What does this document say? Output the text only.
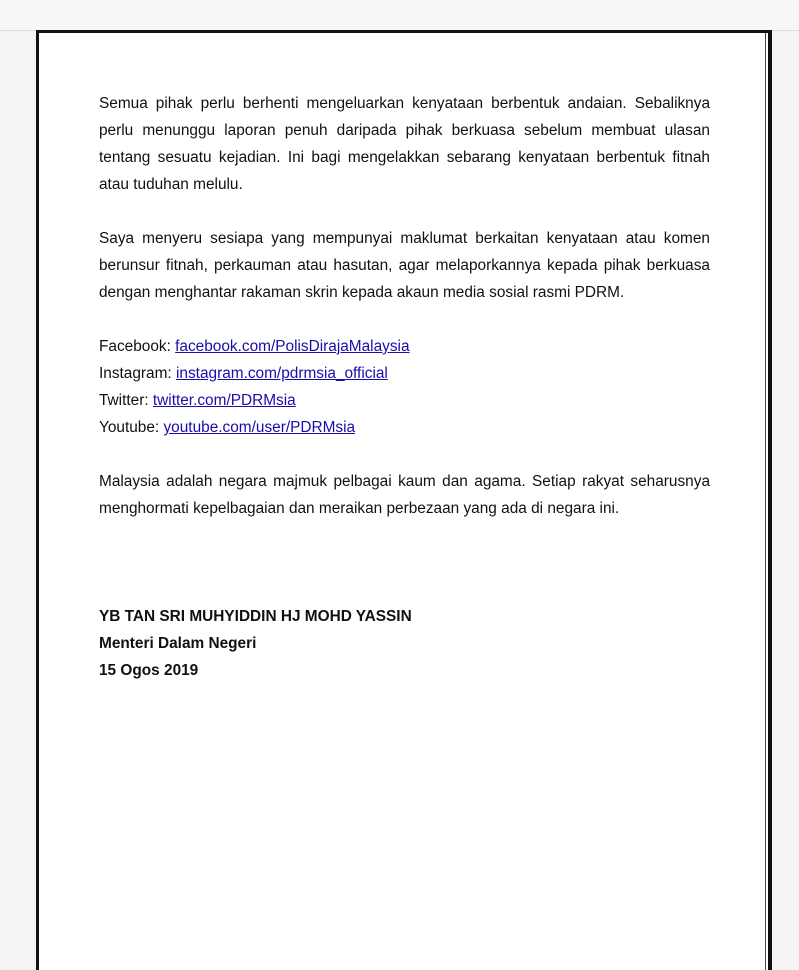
Semua pihak perlu berhenti mengeluarkan kenyataan berbentuk andaian. Sebaliknya perlu menunggu laporan penuh daripada pihak berkuasa sebelum membuat ulasan tentang sesuatu kejadian. Ini bagi mengelakkan sebarang kenyataan berbentuk fitnah atau tuduhan melulu.

Saya menyeru sesiapa yang mempunyai maklumat berkaitan kenyataan atau komen berunsur fitnah, perkauman atau hasutan, agar melaporkannya kepada pihak berkuasa dengan menghantar rakaman skrin kepada akaun media sosial rasmi PDRM.

Facebook: facebook.com/PolisDirajaMalaysia
Instagram: instagram.com/pdrmsia_official
Twitter: twitter.com/PDRMsia
Youtube: youtube.com/user/PDRMsia

Malaysia adalah negara majmuk pelbagai kaum dan agama. Setiap rakyat seharusnya menghormati kepelbagaian dan meraikan perbezaan yang ada di negara ini.

YB TAN SRI MUHYIDDIN HJ MOHD YASSIN
Menteri Dalam Negeri
15 Ogos 2019
